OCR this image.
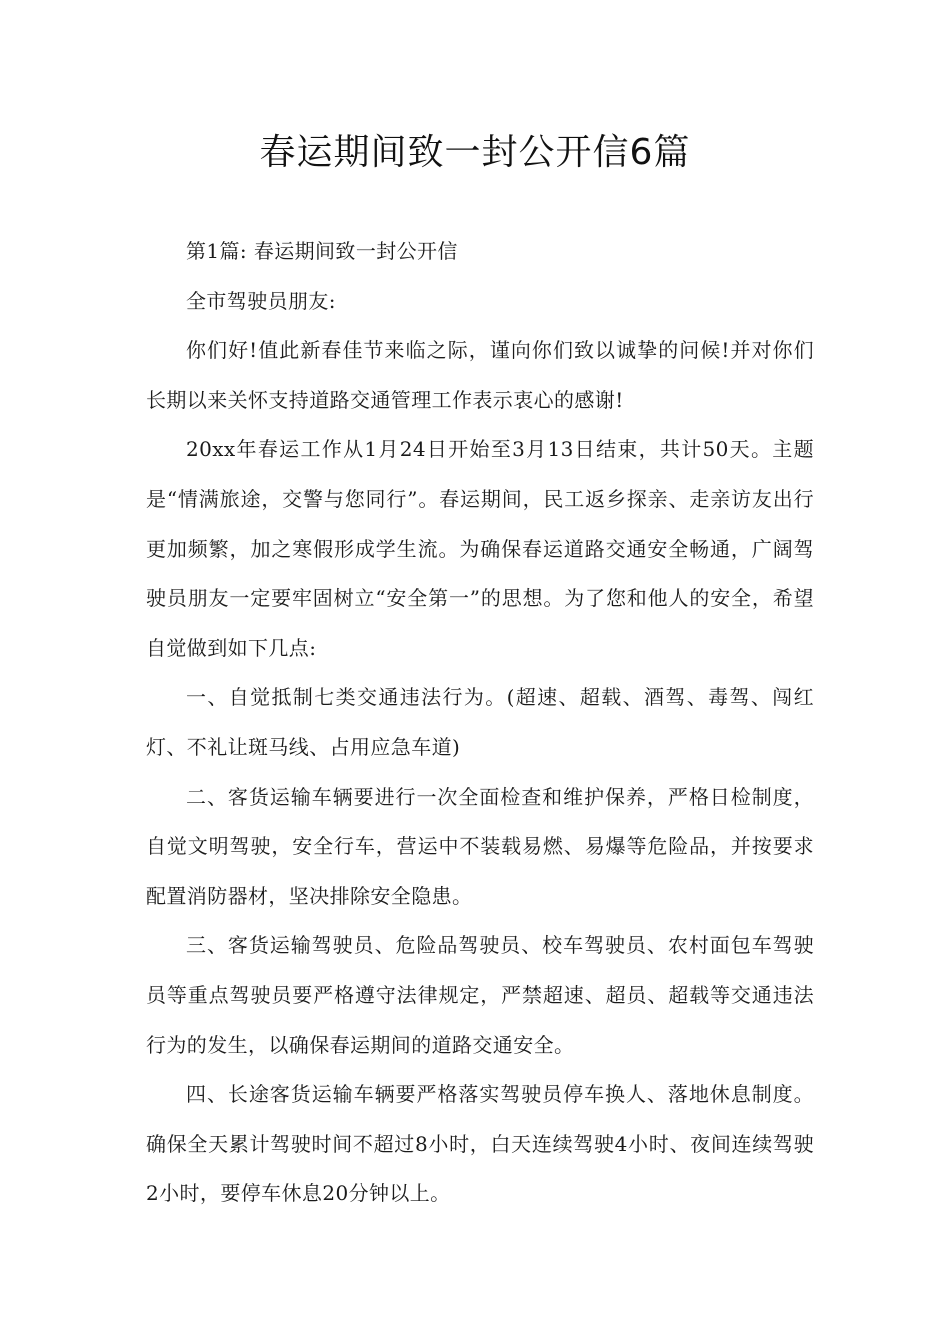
春运期间致一封公开信6篇

第1篇: 春运期间致一封公开信

全市驾驶员朋友:

你们好!值此新春佳节来临之际，谨向你们致以诚挚的问候!并对你们长期以来关怀支持道路交通管理工作表示衷心的感谢!

20xx年春运工作从1月24日开始至3月13日结束，共计50天。主题是“情满旅途，交警与您同行”。春运期间，民工返乡探亲、走亲访友出行更加频繁，加之寒假形成学生流。为确保春运道路交通安全畅通，广阔驾驶员朋友一定要牢固树立“安全第一”的思想。为了您和他人的安全，希望自觉做到如下几点:

一、自觉抵制七类交通违法行为。(超速、超载、酒驾、毒驾、闯红灯、不礼让斑马线、占用应急车道)

二、客货运输车辆要进行一次全面检查和维护保养，严格日检制度，自觉文明驾驶，安全行车，营运中不装载易燃、易爆等危险品，并按要求配置消防器材，坚决排除安全隐患。

三、客货运输驾驶员、危险品驾驶员、校车驾驶员、农村面包车驾驶员等重点驾驶员要严格遵守法律规定，严禁超速、超员、超载等交通违法行为的发生，以确保春运期间的道路交通安全。

四、长途客货运输车辆要严格落实驾驶员停车换人、落地休息制度。确保全天累计驾驶时间不超过8小时，白天连续驾驶4小时、夜间连续驾驶2小时，要停车休息20分钟以上。
